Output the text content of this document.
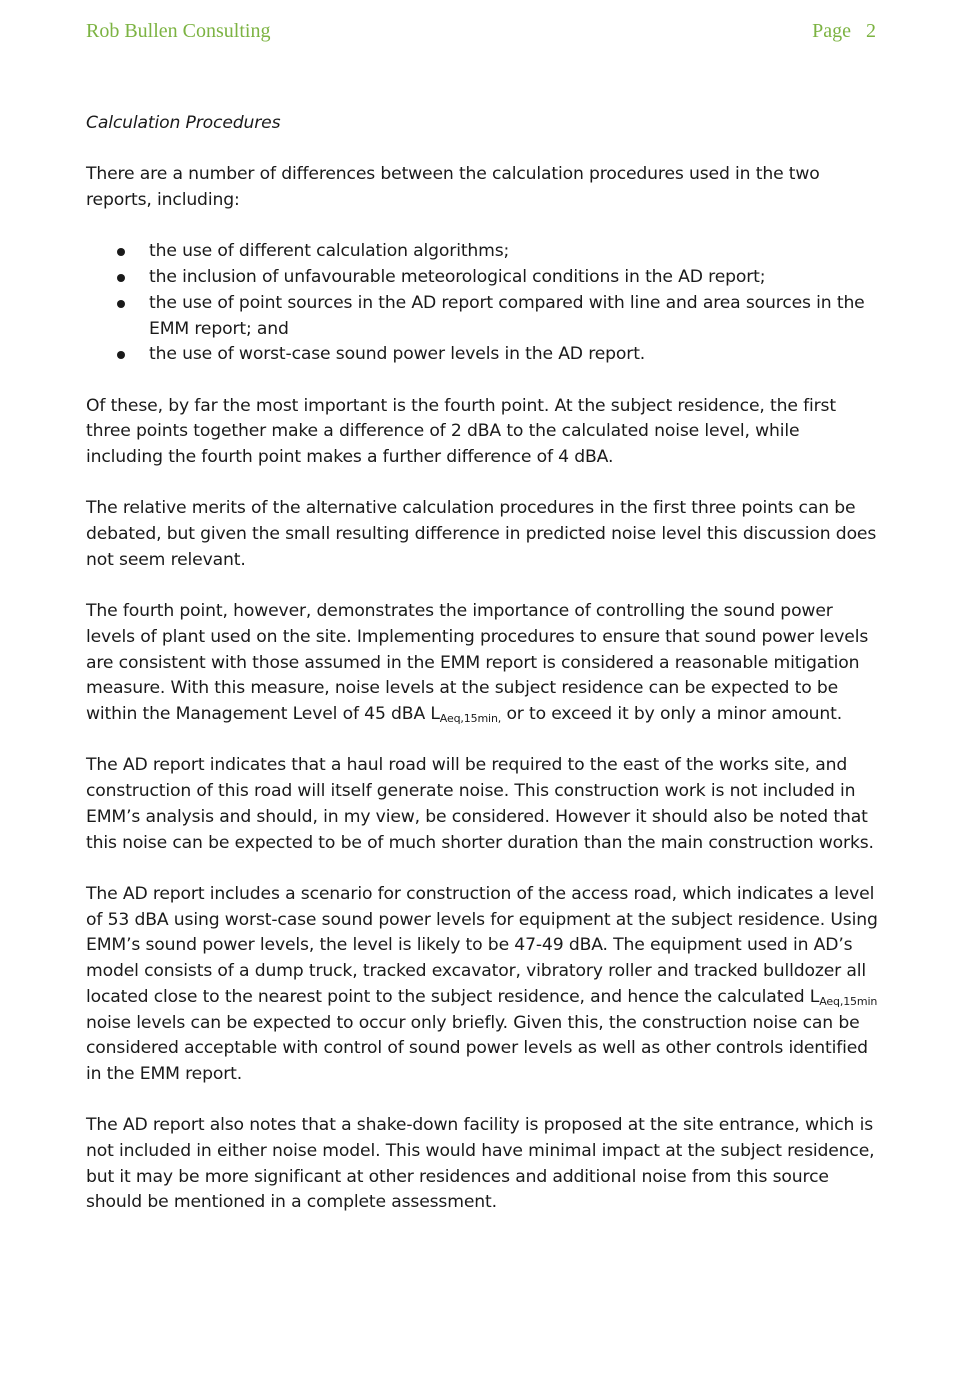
Rob Bullen Consulting	Page 2

Calculation Procedures

There are a number of differences between the calculation procedures used in the two reports, including:

the use of different calculation algorithms;
the inclusion of unfavourable meteorological conditions in the AD report;
the use of point sources in the AD report compared with line and area sources in the EMM report; and
the use of worst-case sound power levels in the AD report.

Of these, by far the most important is the fourth point. At the subject residence, the first three points together make a difference of 2 dBA to the calculated noise level, while including the fourth point makes a further difference of 4 dBA.

The relative merits of the alternative calculation procedures in the first three points can be debated, but given the small resulting difference in predicted noise level this discussion does not seem relevant.

The fourth point, however, demonstrates the importance of controlling the sound power levels of plant used on the site. Implementing procedures to ensure that sound power levels are consistent with those assumed in the EMM report is considered a reasonable mitigation measure. With this measure, noise levels at the subject residence can be expected to be within the Management Level of 45 dBA $L_{Aeq,15min,}$ or to exceed it by only a minor amount.

The AD report indicates that a haul road will be required to the east of the works site, and construction of this road will itself generate noise. This construction work is not included in EMM’s analysis and should, in my view, be considered. However it should also be noted that this noise can be expected to be of much shorter duration than the main construction works.

The AD report includes a scenario for construction of the access road, which indicates a level of 53 dBA using worst-case sound power levels for equipment at the subject residence. Using EMM’s sound power levels, the level is likely to be 47-49 dBA. The equipment used in AD’s model consists of a dump truck, tracked excavator, vibratory roller and tracked bulldozer all located close to the nearest point to the subject residence, and hence the calculated $L_{Aeq,15min}$ noise levels can be expected to occur only briefly. Given this, the construction noise can be considered acceptable with control of sound power levels as well as other controls identified in the EMM report.

The AD report also notes that a shake-down facility is proposed at the site entrance, which is not included in either noise model. This would have minimal impact at the subject residence, but it may be more significant at other residences and additional noise from this source should be mentioned in a complete assessment.
